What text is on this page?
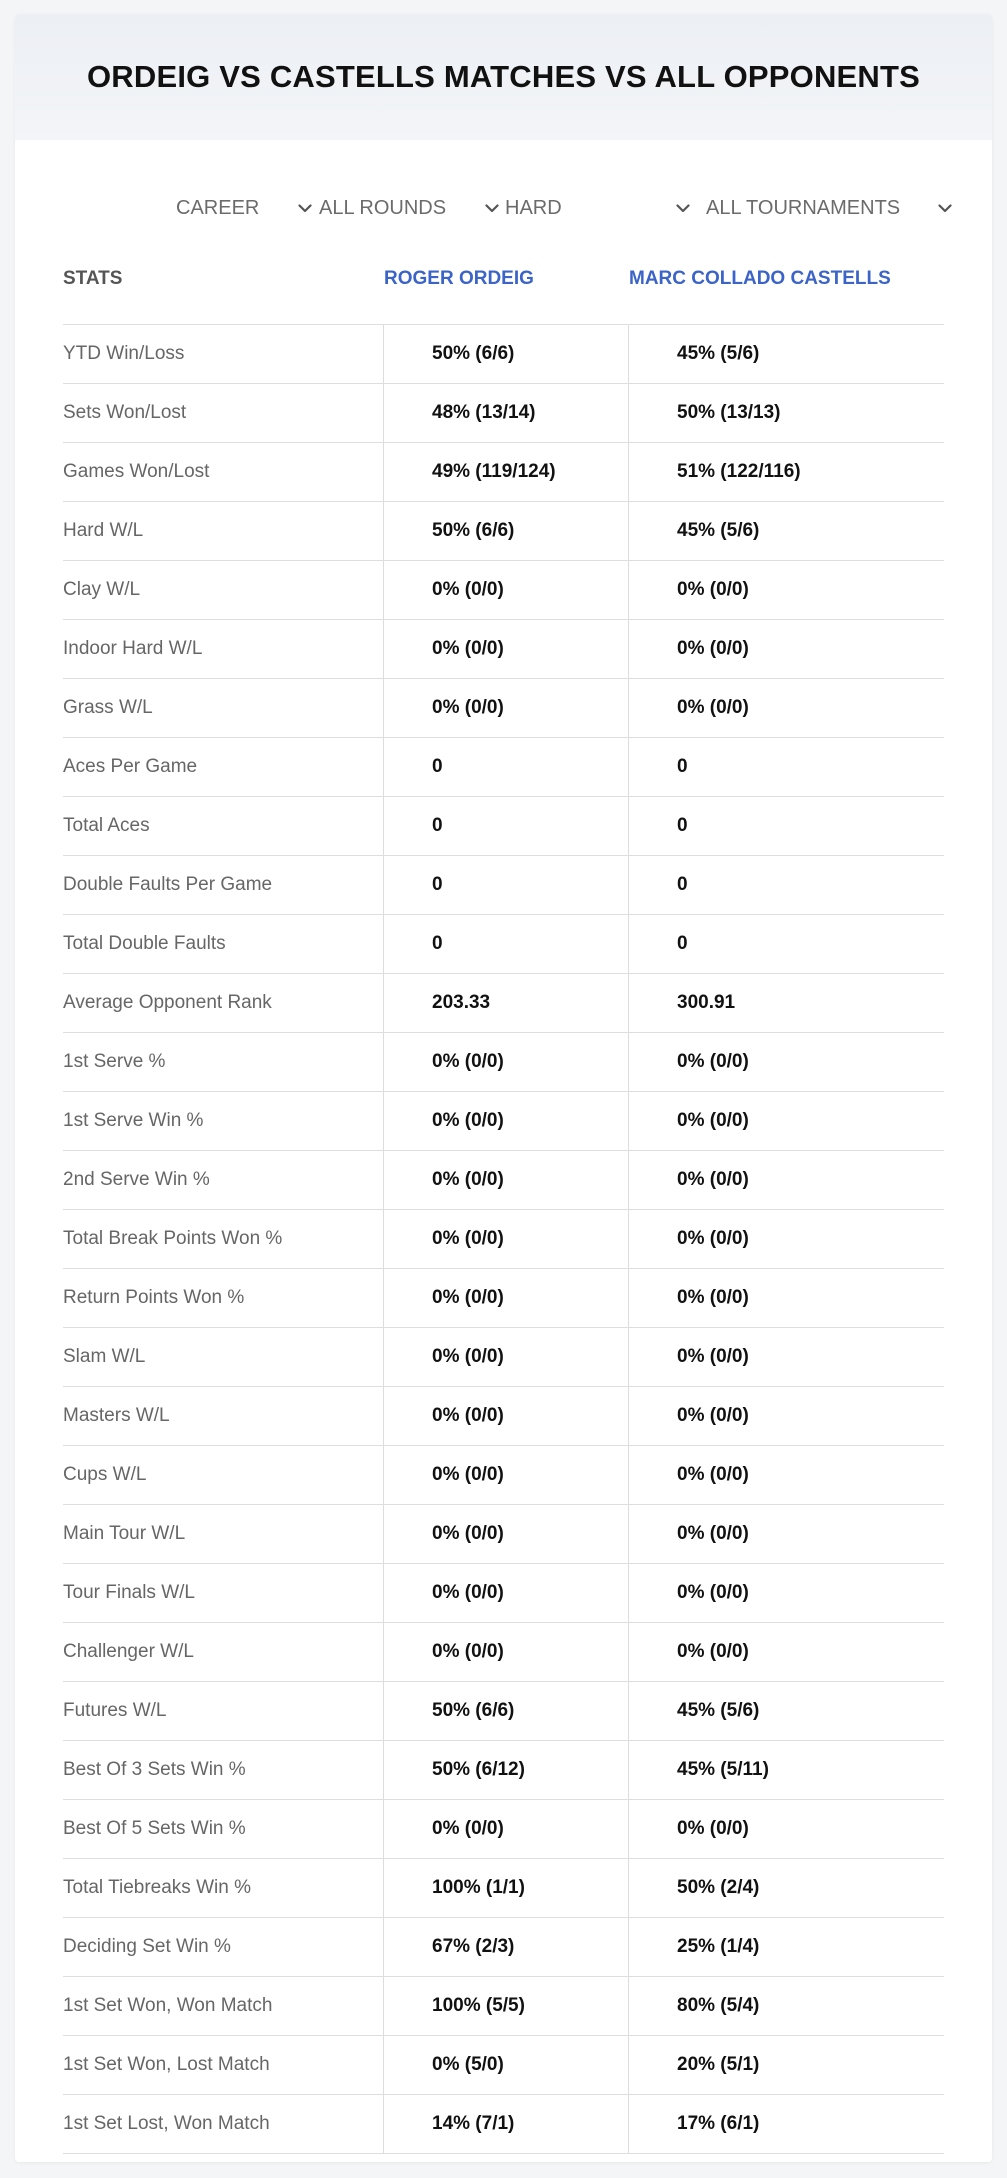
ORDEIG VS CASTELLS MATCHES VS ALL OPPONENTS
CAREER	ALL ROUNDS	HARD	ALL TOURNAMENTS
STATS	ROGER ORDEIG	MARC COLLADO CASTELLS
YTD Win/Loss	50% (6/6)	45% (5/6)
Sets Won/Lost	48% (13/14)	50% (13/13)
Games Won/Lost	49% (119/124)	51% (122/116)
Hard W/L	50% (6/6)	45% (5/6)
Clay W/L	0% (0/0)	0% (0/0)
Indoor Hard W/L	0% (0/0)	0% (0/0)
Grass W/L	0% (0/0)	0% (0/0)
Aces Per Game	0	0
Total Aces	0	0
Double Faults Per Game	0	0
Total Double Faults	0	0
Average Opponent Rank	203.33	300.91
1st Serve %	0% (0/0)	0% (0/0)
1st Serve Win %	0% (0/0)	0% (0/0)
2nd Serve Win %	0% (0/0)	0% (0/0)
Total Break Points Won %	0% (0/0)	0% (0/0)
Return Points Won %	0% (0/0)	0% (0/0)
Slam W/L	0% (0/0)	0% (0/0)
Masters W/L	0% (0/0)	0% (0/0)
Cups W/L	0% (0/0)	0% (0/0)
Main Tour W/L	0% (0/0)	0% (0/0)
Tour Finals W/L	0% (0/0)	0% (0/0)
Challenger W/L	0% (0/0)	0% (0/0)
Futures W/L	50% (6/6)	45% (5/6)
Best Of 3 Sets Win %	50% (6/12)	45% (5/11)
Best Of 5 Sets Win %	0% (0/0)	0% (0/0)
Total Tiebreaks Win %	100% (1/1)	50% (2/4)
Deciding Set Win %	67% (2/3)	25% (1/4)
1st Set Won, Won Match	100% (5/5)	80% (5/4)
1st Set Won, Lost Match	0% (5/0)	20% (5/1)
1st Set Lost, Won Match	14% (7/1)	17% (6/1)
